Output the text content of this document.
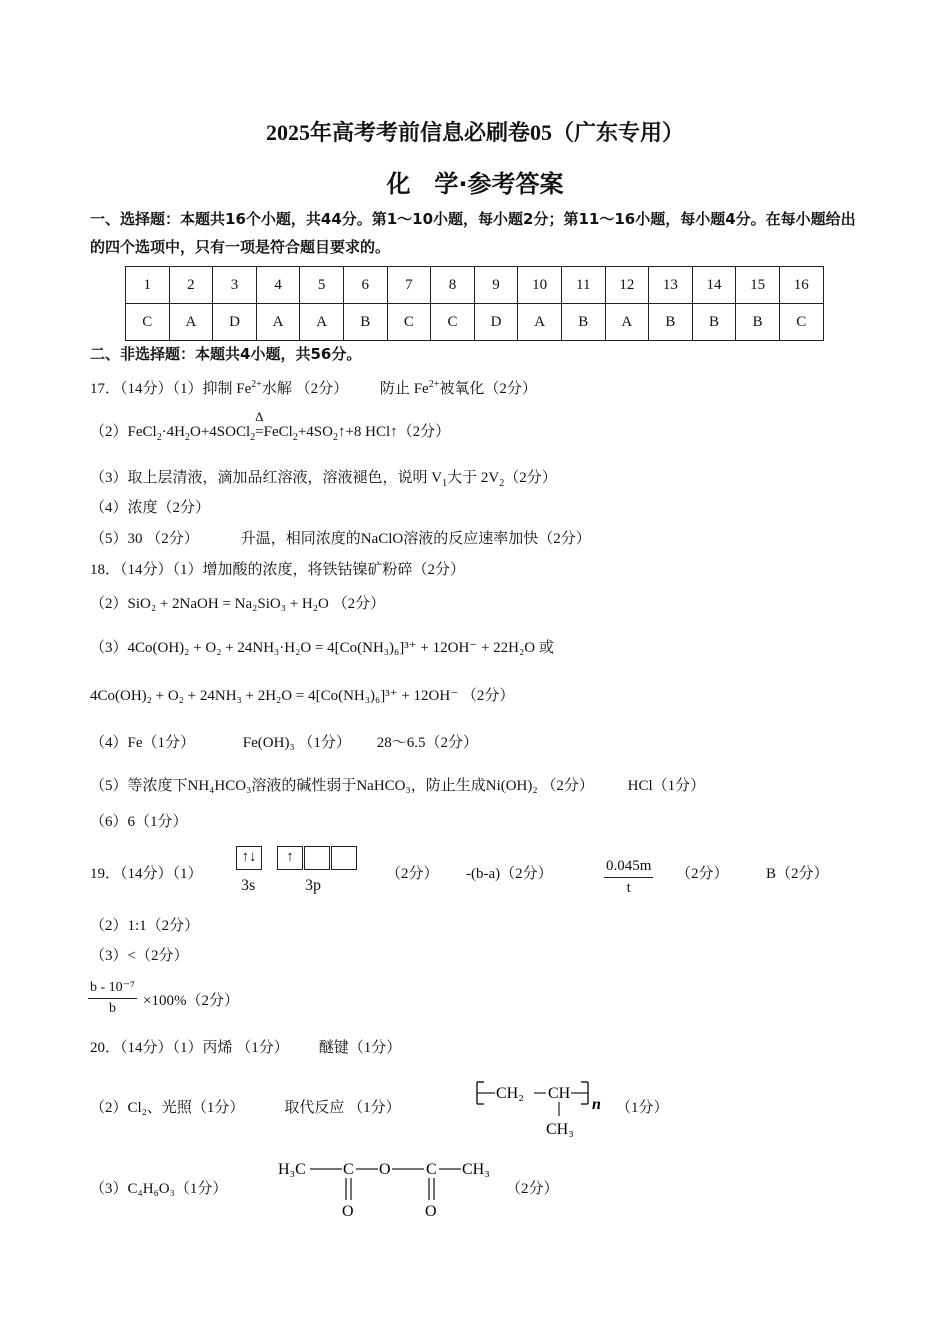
2025年高考考前信息必刷卷05（广东专用）
化　学·参考答案
一、选择题：本题共16个小题，共44分。第1～10小题，每小题2分；第11～16小题，每小题4分。在每小题给出的四个选项中，只有一项是符合题目要求的。
1	2	3	4	5	6	7	8	9	10	11	12	13	14	15	16
C	A	D	A	A	B	C	C	D	A	B	A	B	B	B	C
二、非选择题：本题共4小题，共56分。
17．（14分）（1）抑制 $Fe^{2+}$水解 （2分） 防止 $Fe^{2+}$被氧化（2分）
$(2)FeCl_2\cdot 4H_2O+4SOCl_2=$
Δ
$FeCl_2+4SO_2↑+8$ HCl↑（2分）
（3）取上层清液，滴加品红溶液，溶液褪色，说明 $V_1$大于 $2V_2(2$分）
（4）浓度（2分）
（5）30 （2分）	升温，相同浓度的NaClO溶液的反应速率加快（2分）
18．（14分）（1）增加酸的浓度，将铁钴镍矿粉碎（2分）
（2）SiO₂ + 2NaOH = Na₂SiO₃ + H₂O （2分）
（3）4Co(OH)₂ + O₂ + 24NH₃·H₂O = 4[Co(NH₃)₆]³⁺ + 12OH⁻ + 22H₂O 或
4Co(OH)₂ + O₂ + 24NH₃ + 2H₂O = 4[Co(NH₃)₆]³⁺ + 12OH⁻ （2分）
（4）Fe（1分）	Fe(OH)₃ （1分） 28～6.5（2分）
（5）等浓度下NH₄HCO₃溶液的碱性弱于NaHCO₃，防止生成Ni(OH)₂ （2分） HCl（1分）
（6）6（1分）
19．（14分）（1）
↑↓	↑
3s	3p
（2分） -(b-a)（2分）	0.045m
t
（2分） B（2分）
（2）1:1（2分）
（3）<（2分）
b - 10⁻⁷
b	×100%（2分）
20．（14分）（1）丙烯 （1分） 醚键（1分）
（2）Cl₂、光照（1分）	取代反应 （1分）
CH₂ CH
n
CH₃
（1分）
（3）C₄H₆O₃（1分）
H₃C C
O
O C
O
CH₃
（2分）
